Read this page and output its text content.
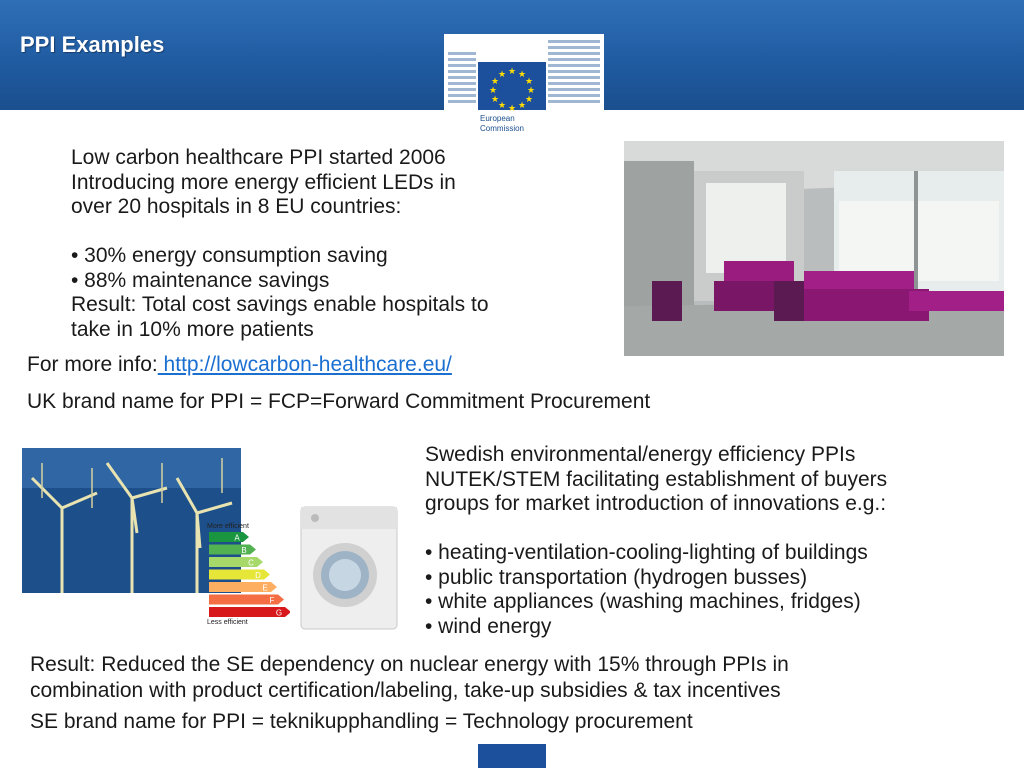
PPI Examples
★ ★
★
★
★
★
★
★
★
★
★
★
European
Commission
Low carbon healthcare PPI started 2006
Introducing more energy efficient LEDs in
over 20 hospitals in 8 EU countries:
• 30% energy consumption saving
• 88% maintenance savings
Result: Total cost savings enable hospitals to
take in 10% more patients
For more info: http://lowcarbon-healthcare.eu/
UK brand name for PPI = FCP=Forward Commitment Procurement
More efficient
A
B
C
D
E
F
G
Less efficient
Swedish environmental/energy efficiency PPIs
NUTEK/STEM facilitating establishment of buyers
groups for market introduction of innovations e.g.:
• heating-ventilation-cooling-lighting of buildings
• public transportation (hydrogen busses)
• white appliances (washing machines, fridges)
• wind energy
Result: Reduced the SE dependency on nuclear energy with 15% through PPIs in
combination with product certification/labeling, take-up subsidies & tax incentives
SE brand name for PPI = teknikupphandling = Technology procurement
